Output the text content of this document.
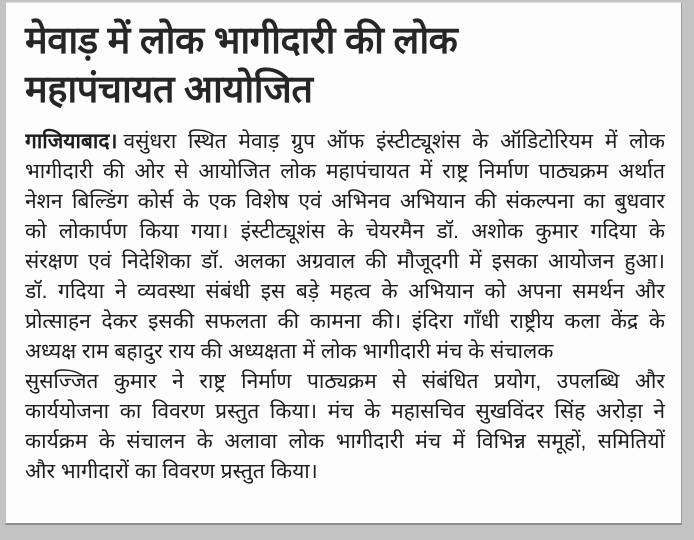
मेवाड़ में लोक भागीदारी की लोक
महापंचायत आयोजित
गाजियाबाद। वसुंधरा स्थित मेवाड़ ग्रुप ऑफ इंस्टीट्यूशंस के ऑडिटोरियम में लोक
भागीदारी की ओर से आयोजित लोक महापंचायत में राष्ट्र निर्माण पाठ्यक्रम अर्थात
नेशन बिल्डिंग कोर्स के एक विशेष एवं अभिनव अभियान की संकल्पना का बुधवार
को लोकार्पण किया गया। इंस्टीट्यूशंस के चेयरमैन डॉ. अशोक कुमार गदिया के
संरक्षण एवं निदेशिका डॉ. अलका अग्रवाल की मौजूदगी में इसका आयोजन हुआ।
डॉ. गदिया ने व्यवस्था संबंधी इस बड़े महत्व के अभियान को अपना समर्थन और
प्रोत्साहन देकर इसकी सफलता की कामना की। इंदिरा गाँधी राष्ट्रीय कला केंद्र के
अध्यक्ष राम बहादुर राय की अध्यक्षता में लोक भागीदारी मंच के संचालक
सुसज्जित कुमार ने राष्ट्र निर्माण पाठ्यक्रम से संबंधित प्रयोग, उपलब्धि और
कार्ययोजना का विवरण प्रस्तुत किया। मंच के महासचिव सुखविंदर सिंह अरोड़ा ने
कार्यक्रम के संचालन के अलावा लोक भागीदारी मंच में विभिन्न समूहों, समितियों
और भागीदारों का विवरण प्रस्तुत किया।
